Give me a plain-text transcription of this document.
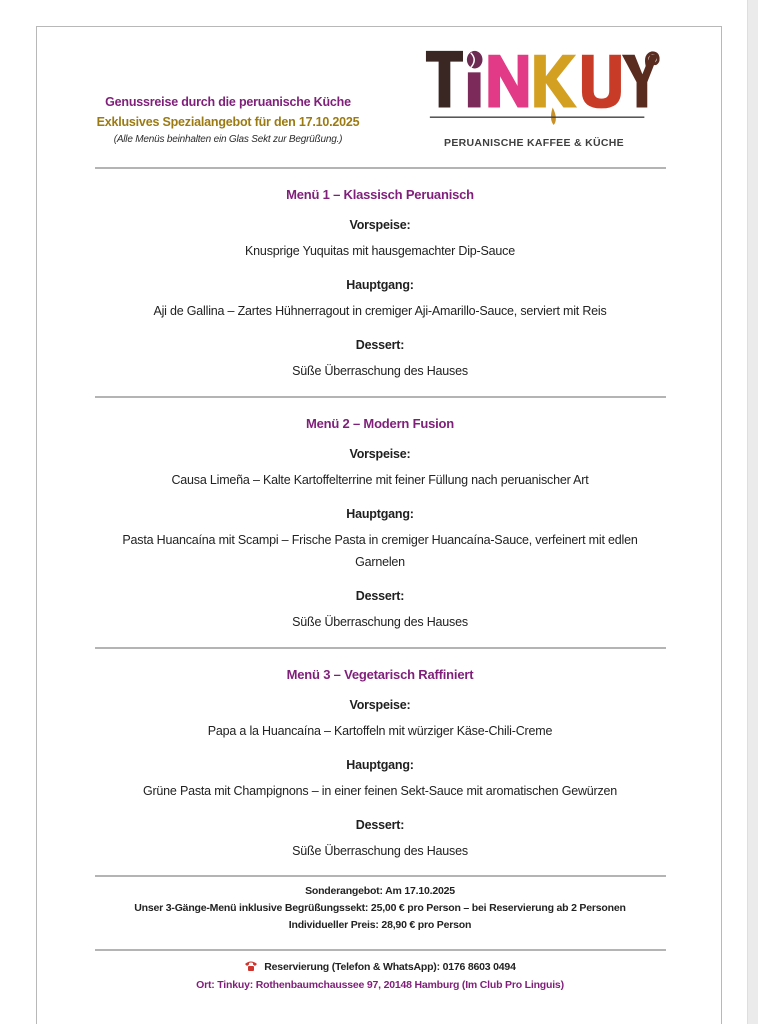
Genussreise durch die peruanische Küche
Exklusives Spezialangebot für den 17.10.2025
(Alle Menüs beinhalten ein Glas Sekt zur Begrüßung.)	PERUANISCHE KAFFEE & KÜCHE
Menü 1 – Klassisch Peruanisch
Vorspeise:
Knusprige Yuquitas mit hausgemachter Dip-Sauce
Hauptgang:
Aji de Gallina – Zartes Hühnerragout in cremiger Aji-Amarillo-Sauce, serviert mit Reis
Dessert:
Süße Überraschung des Hauses
Menü 2 – Modern Fusion
Vorspeise:
Causa Limeña – Kalte Kartoffelterrine mit feiner Füllung nach peruanischer Art
Hauptgang:
Pasta Huancaína mit Scampi – Frische Pasta in cremiger Huancaína-Sauce, verfeinert mit edlen Garnelen
Dessert:
Süße Überraschung des Hauses
Menü 3 – Vegetarisch Raffiniert
Vorspeise:
Papa a la Huancaína – Kartoffeln mit würziger Käse-Chili-Creme
Hauptgang:
Grüne Pasta mit Champignons – in einer feinen Sekt-Sauce mit aromatischen Gewürzen
Dessert:
Süße Überraschung des Hauses
Sonderangebot: Am 17.10.2025
Unser 3-Gänge-Menü inklusive Begrüßungssekt: 25,00 € pro Person – bei Reservierung ab 2 Personen
Individueller Preis: 28,90 € pro Person
Reservierung (Telefon & WhatsApp): 0176 8603 0494
Ort: Tinkuy: Rothenbaumchaussee 97, 20148 Hamburg (Im Club Pro Linguis)
